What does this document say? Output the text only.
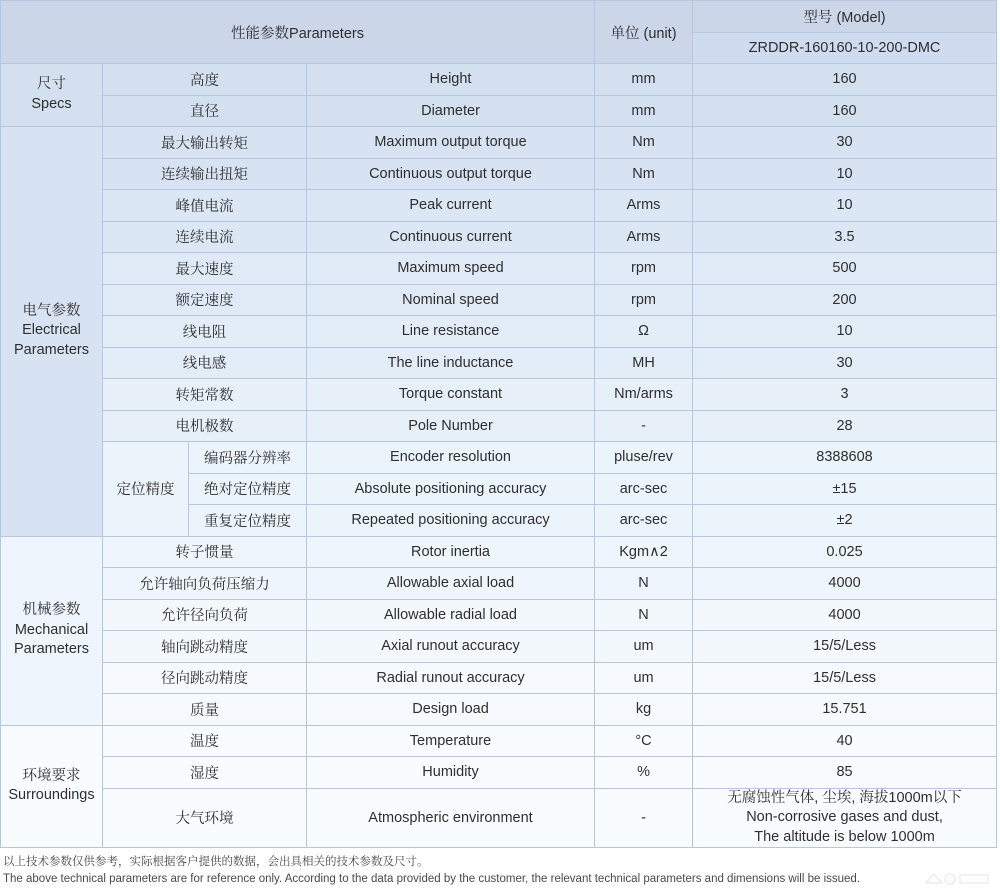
性能参数Parameters				单位 (unit)	型号 (Model)
					ZRDDR-160160-10-200-DMC

尺寸
Specs	高度		Height	mm	160
	直径		Diameter	mm	160

电气参数
Electrical
Parameters	最大输出转矩		Maximum output torque	Nm	30
	连续输出扭矩		Continuous output torque	Nm	10
	峰值电流		Peak current	Arms	10
	连续电流		Continuous current	Arms	3.5
	最大速度		Maximum speed	rpm	500
	额定速度		Nominal speed	rpm	200
	线电阻		Line resistance	Ω	10
	线电感		The line inductance	MH	30
	转矩常数		Torque constant	Nm/arms	3
	电机极数		Pole Number	-	28
	定位精度	编码器分辨率	Encoder resolution	pluse/rev	8388608
		绝对定位精度	Absolute positioning accuracy	arc-sec	±15
		重复定位精度	Repeated positioning accuracy	arc-sec	±2

机械参数
Mechanical
Parameters	转子惯量		Rotor inertia	Kgm∧2	0.025
	允许轴向负荷压缩力		Allowable axial load	N	4000
	允许径向负荷		Allowable radial load	N	4000
	轴向跳动精度		Axial runout accuracy	um	15/5/Less
	径向跳动精度		Radial runout accuracy	um	15/5/Less
	质量		Design load	kg	15.751

环境要求
Surroundings	温度		Temperature	°C	40
	湿度		Humidity	%	85
	大气环境		Atmospheric environment	-	无腐蚀性气体, 尘埃, 海拔1000m以下
Non-corrosive gases and dust,
The altitude is below 1000m
以上技术参数仅供参考，实际根据客户提供的数据，会出具相关的技术参数及尺寸。
The above technical parameters are for reference only. According to the data provided by the customer, the relevant technical parameters and dimensions will be issued.
